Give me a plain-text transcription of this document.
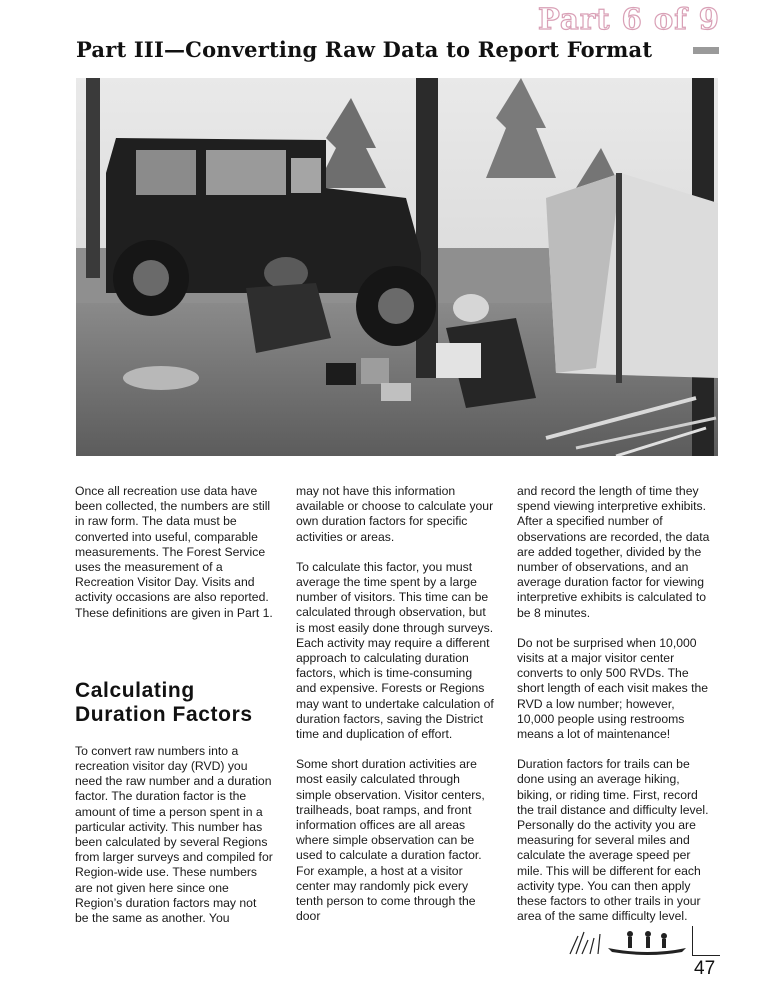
Part 6 of 9
Part III—Converting Raw Data to Report Format

Once all recreation use data have been collected, the numbers are still in raw form. The data must be converted into useful, comparable measurements. The Forest Service uses the measurement of a Recreation Visitor Day. Visits and activity occasions are also reported. These definitions are given in Part 1.

Calculating Duration Factors

To convert raw numbers into a recreation visitor day (RVD) you need the raw number and a duration factor. The duration factor is the amount of time a person spent in a particular activity. This number has been calculated by several Regions from larger surveys and compiled for Region-wide use. These numbers are not given here since one Region’s duration factors may not be the same as another. You

may not have this information available or choose to calculate your own duration factors for specific activities or areas.

To calculate this factor, you must average the time spent by a large number of visitors. This time can be calculated through observation, but is most easily done through surveys. Each activity may require a different approach to calculating duration factors, which is time-consuming and expensive. Forests or Regions may want to undertake calculation of duration factors, saving the District time and duplication of effort.

Some short duration activities are most easily calculated through simple observation. Visitor centers, trailheads, boat ramps, and front information offices are all areas where simple observation can be used to calculate a duration factor. For example, a host at a visitor center may randomly pick every tenth person to come through the door

and record the length of time they spend viewing interpretive exhibits. After a specified number of observations are recorded, the data are added together, divided by the number of observations, and an average duration factor for viewing interpretive exhibits is calculated to be 8 minutes.

Do not be surprised when 10,000 visits at a major visitor center converts to only 500 RVDs. The short length of each visit makes the RVD a low number; however, 10,000 people using restrooms means a lot of maintenance!

Duration factors for trails can be done using an average hiking, biking, or riding time. First, record the trail distance and difficulty level. Personally do the activity you are measuring for several miles and calculate the average speed per mile. This will be different for each activity type. You can then apply these factors to other trails in your area of the same difficulty level.

47
